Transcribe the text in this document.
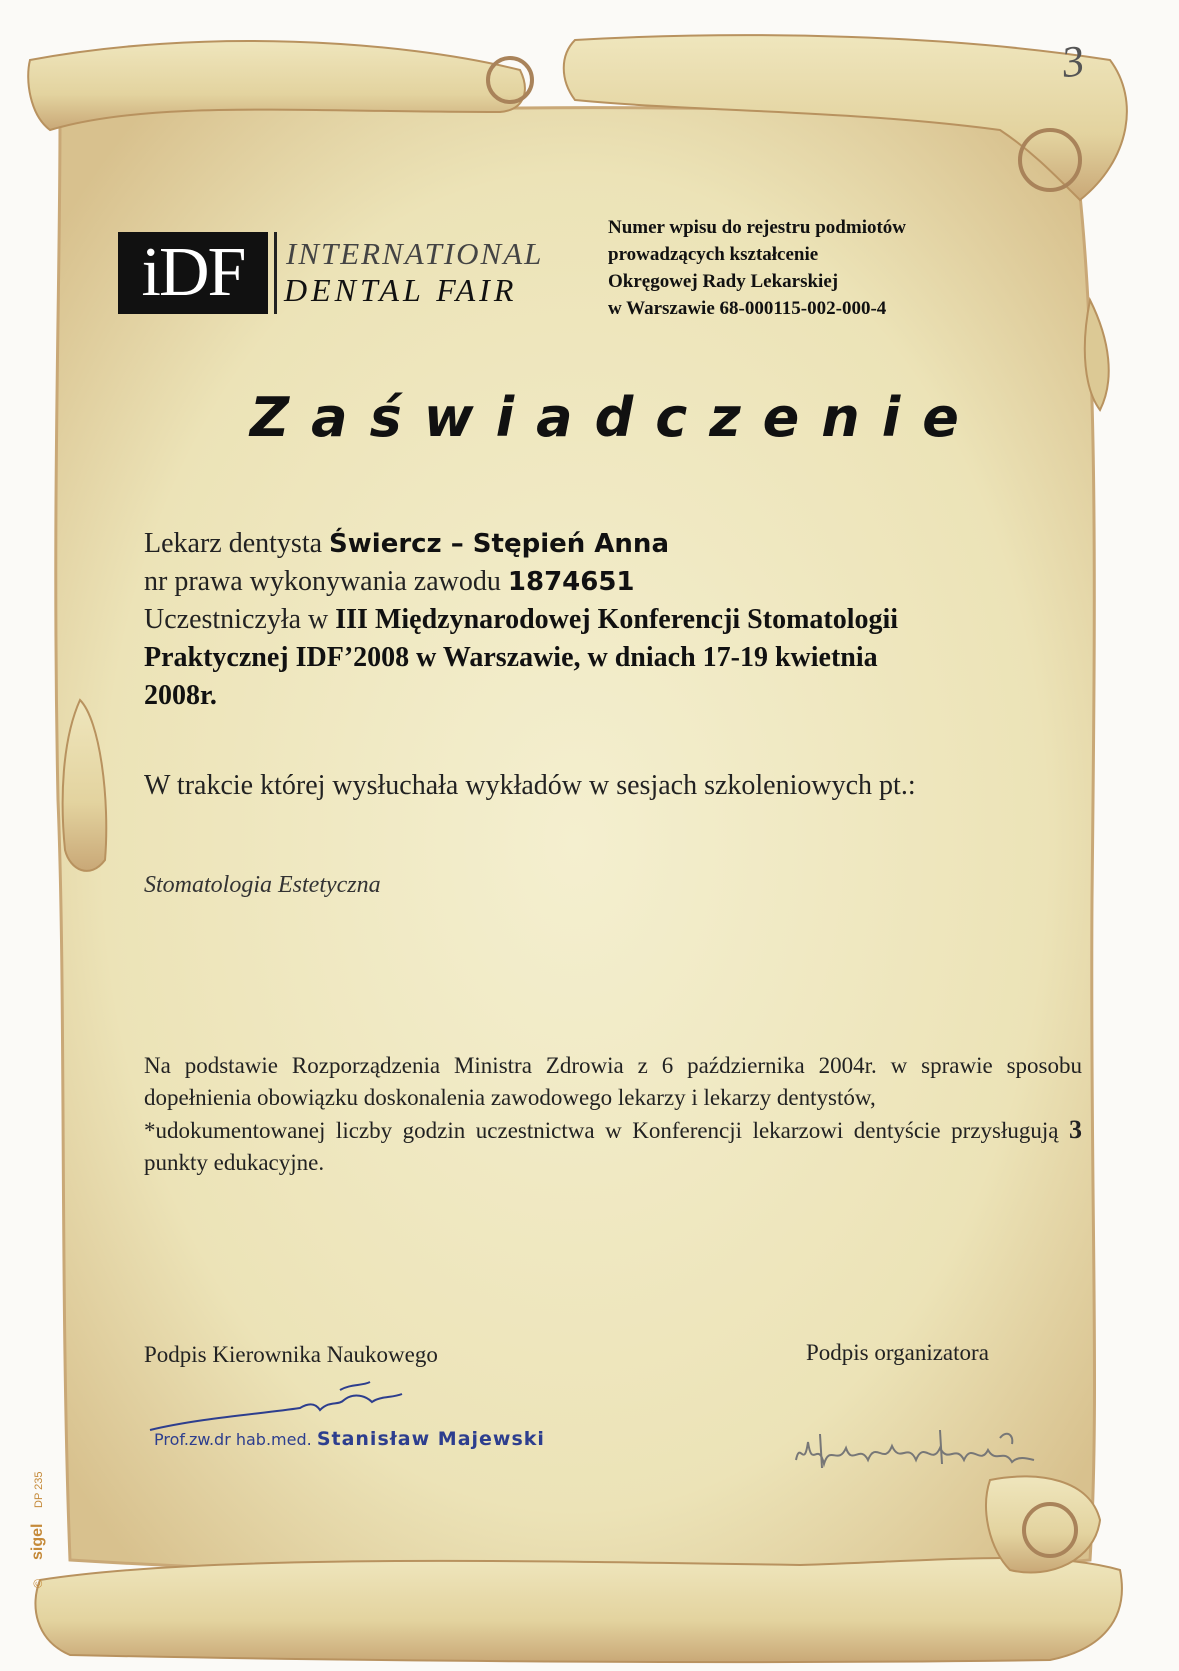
3
iDF	INTERNATIONAL
DENTAL FAIR
Numer wpisu do rejestru podmiotów
prowadzących kształcenie
Okręgowej Rady Lekarskiej
w Warszawie 68-000115-002-000-4
Zaświadczenie
Lekarz dentysta Świercz – Stępień Anna
nr prawa wykonywania zawodu 1874651
Uczestniczyła w III Międzynarodowej Konferencji Stomatologii
Praktycznej IDF’2008 w Warszawie, w dniach 17-19 kwietnia
2008r.
W trakcie której wysłuchała wykładów w sesjach szkoleniowych pt.:
Stomatologia Estetyczna
Na podstawie Rozporządzenia Ministra Zdrowia z 6 października 2004r. w sprawie sposobu dopełnienia obowiązku doskonalenia zawodowego lekarzy i lekarzy dentystów,
*udokumentowanej liczby godzin uczestnictwa w Konferencji lekarzowi dentyście przysługują 3 punkty edukacyjne.
Podpis Kierownika Naukowego	Podpis organizatora
Prof.zw.dr hab.med. Stanisław Majewski
©
sigel
DP 235
